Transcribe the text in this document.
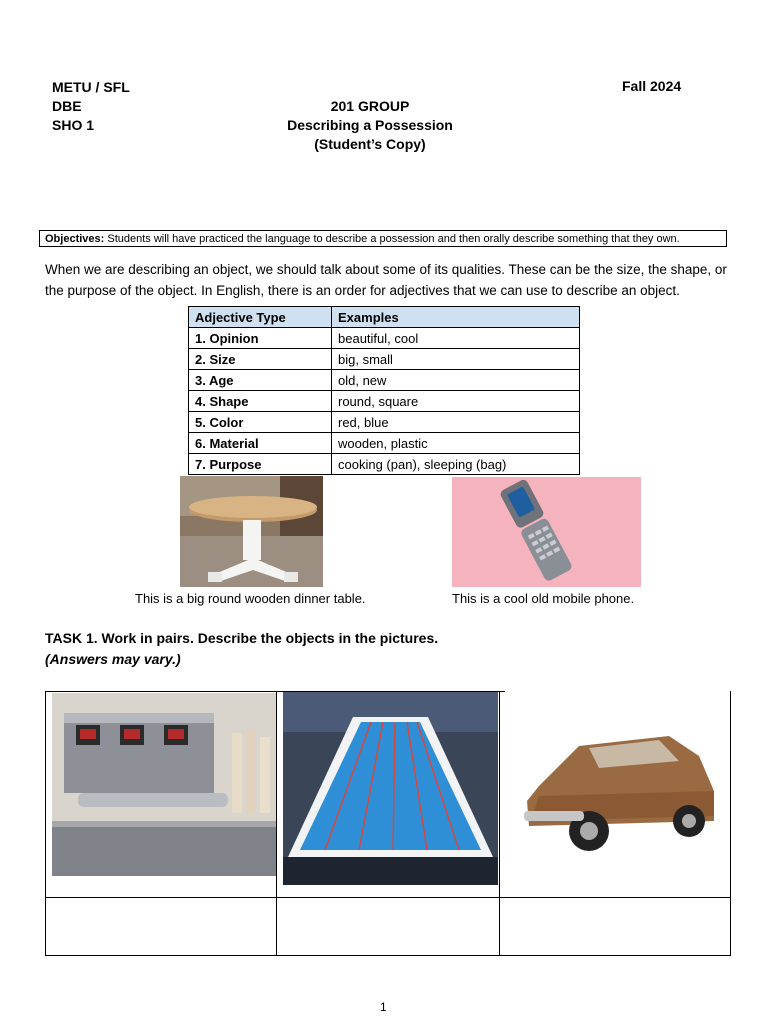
METU / SFL
DBE
SHO 1
Fall 2024
201 GROUP
Describing a Possession
(Student’s Copy)
Objectives: Students will have practiced the language to describe a possession and then orally describe something that they own.
When we are describing an object, we should talk about some of its qualities. These can be the size, the shape, or the purpose of the object. In English, there is an order for adjectives that we can use to describe an object.
Adjective Type	Examples
1. Opinion	beautiful, cool
2. Size	big, small
3. Age	old, new
4. Shape	round, square
5. Color	red, blue
6. Material	wooden, plastic
7. Purpose	cooking (pan), sleeping (bag)
This is a big round wooden dinner table.	This is a cool old mobile phone.
TASK 1. Work in pairs. Describe the objects in the pictures.
(Answers may vary.)
1
